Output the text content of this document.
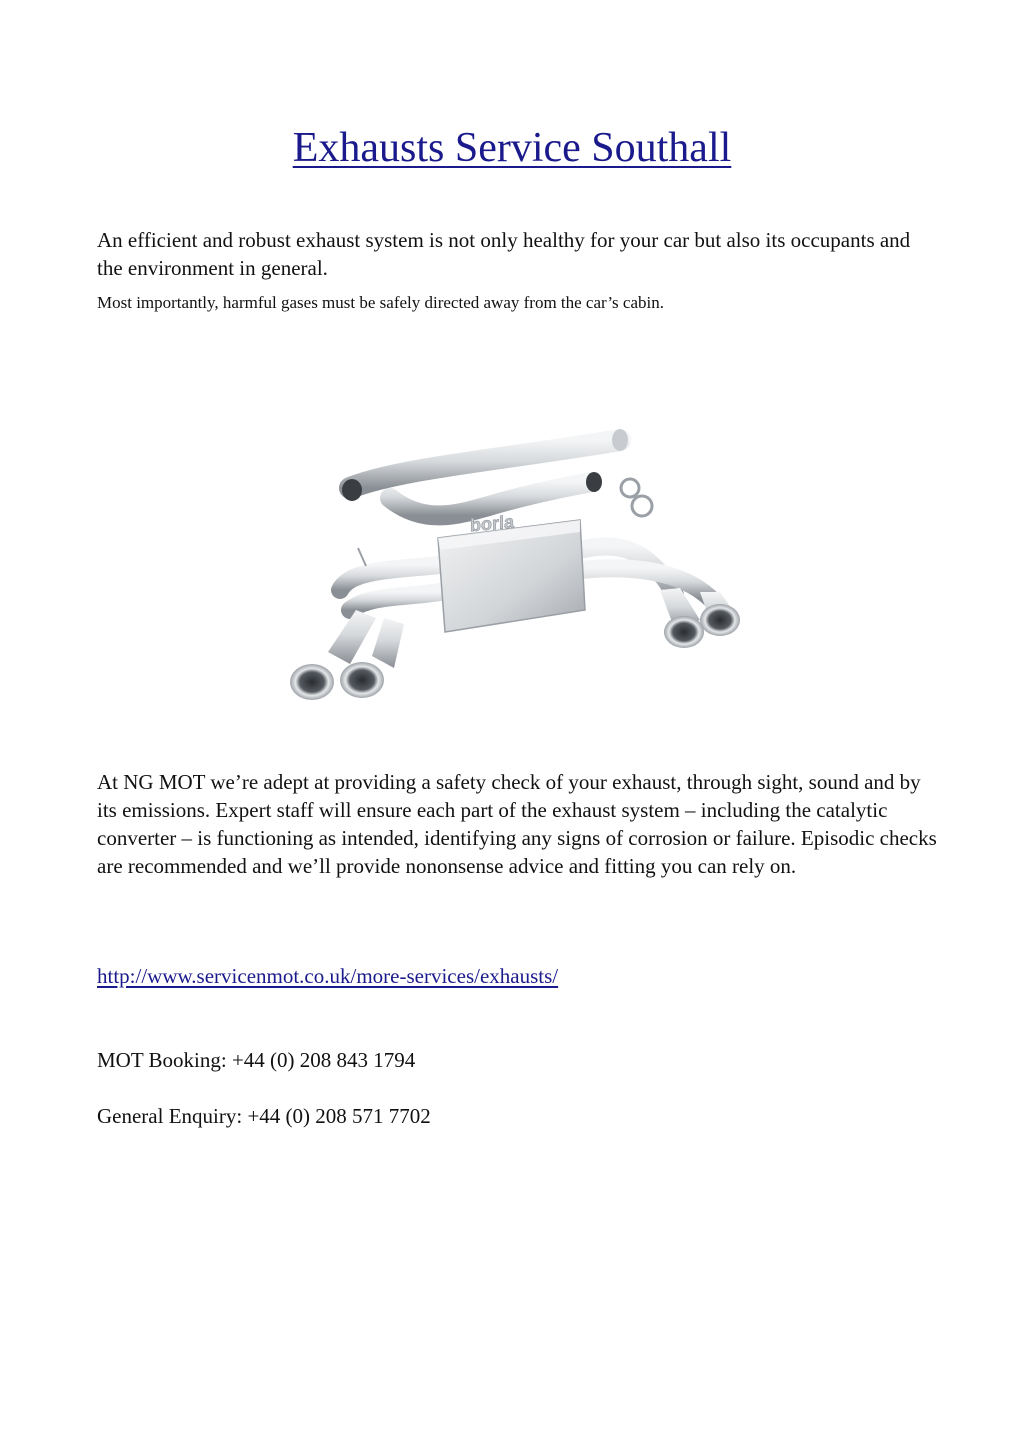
Exhausts Service Southall

An efficient and robust exhaust system is not only healthy for your car but also its occupants and the environment in general.

Most importantly, harmful gases must be safely directed away from the car’s cabin.

borla

At NG MOT we’re adept at providing a safety check of your exhaust, through sight, sound and by its emissions. Expert staff will ensure each part of the exhaust system – including the catalytic converter – is functioning as intended, identifying any signs of corrosion or failure. Episodic checks are recommended and we’ll provide nononsense advice and fitting you can rely on.

http://www.servicenmot.co.uk/more-services/exhausts/

MOT Booking: +44 (0) 208 843 1794

General Enquiry: +44 (0) 208 571 7702
